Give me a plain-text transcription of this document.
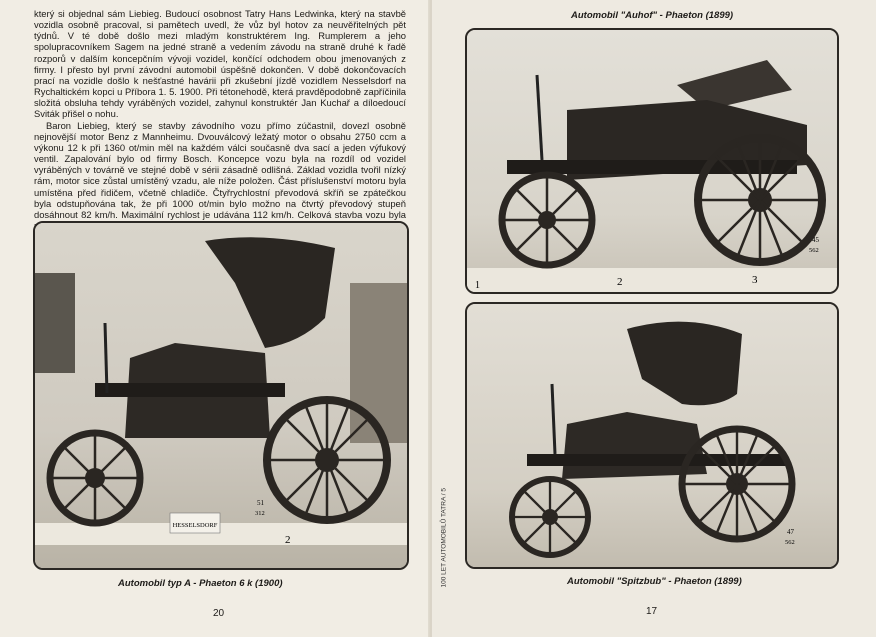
který si objednal sám Liebieg. Budoucí osobnost Tatry Hans Ledwinka, který na stavbě vozidla osobně pracoval, si pamětech uvedl, že vůz byl hotov za neuvěřitelných pět týdnů. V té době došlo mezi mladým konstruktérem Ing. Rumplerem a jeho spolupracovníkem Sagem na jedné straně a vedením závodu na straně druhé k řadě rozporů v dalším koncepčním vývoji vozidel, končící odchodem obou jmenovaných z firmy. I přesto byl první závodní automobil úspěšně dokončen. V době dokončovacích prací na vozidle došlo k nešťastné havárii při zkušební jízdě vozidlem Nesselsdorf na Rychaltickém kopci u Příbora 1. 5. 1900. Při tétonehodě, která pravděpodobně zapříčinila složitá obsluha tehdy vyráběných vozidel, zahynul konstruktér Jan Kuchař a díloedoucí Sviták přišel o nohu.

Baron Liebieg, který se stavby závodního vozu přímo zúčastnil, dovezl osobně nejnovější motor Benz z Mannheimu. Dvouválcový ležatý motor o obsahu 2750 ccm a výkonu 12 k při 1360 ot/min měl na každém válci současně dva sací a jeden výfukový ventil. Zapalování bylo od firmy Bosch. Koncepce vozu byla na rozdíl od vozidel vyráběných v továrně ve stejné době v sérii zásadně odlišná. Základ vozidla tvořil nízký rám, motor sice zůstal umístěný vzadu, ale níže položen. Část příslušenství motoru byla umístěna před řidičem, včetně chladiče. Čtyřrychlostní převodová skříň se zpátečkou byla odstupňována tak, že při 1000 ot/min bylo možno na čtvrtý převodový stupeň dosáhnout 82 km/h. Maximální rychlost je udávána 112 km/h. Celková stavba vozu byla

HESSELSDORF
2
51
312
Automobil typ A - Phaeton 6 k (1900)
20
Automobil "Auhof" - Phaeton (1899)
1	2	3
45
562
47
562
Automobil "Spitzbub" - Phaeton (1899)
17
100 LET AUTOMOBILŮ TATRA / 5
